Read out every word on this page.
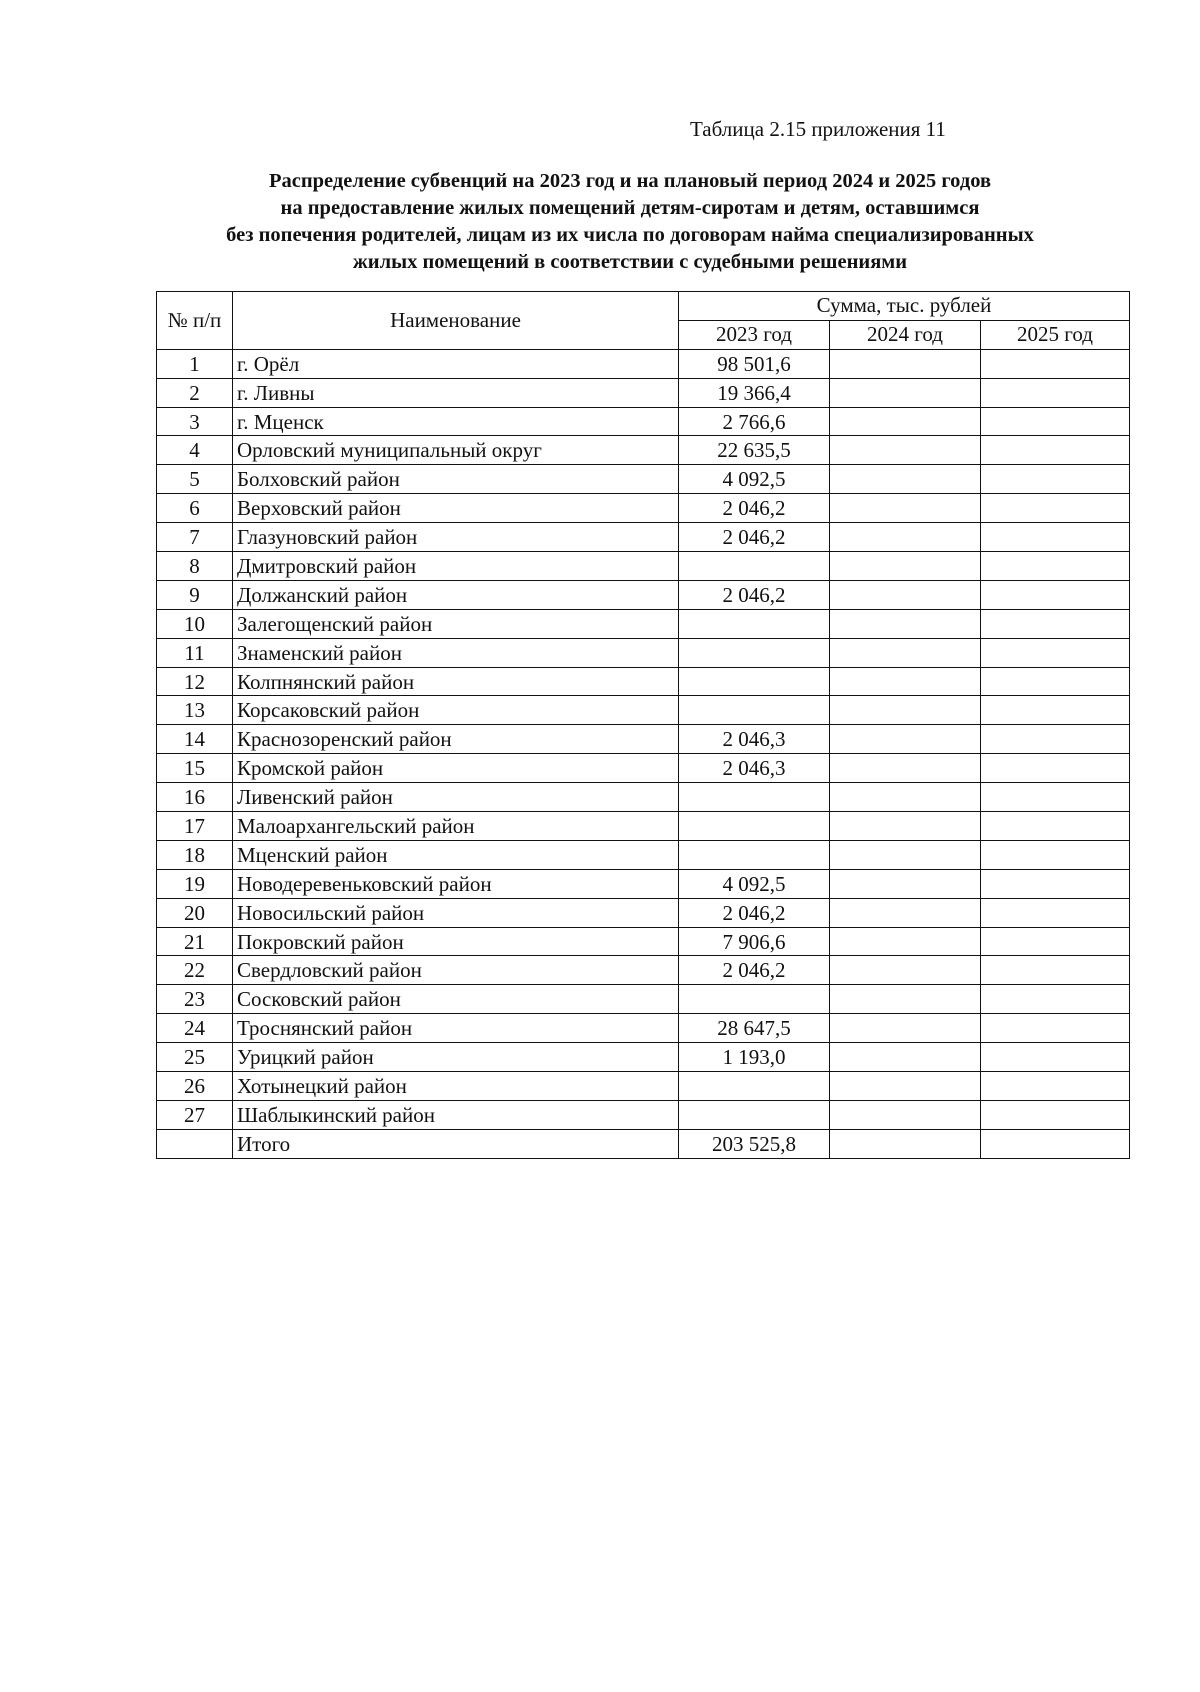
Таблица 2.15 приложения 11
Распределение субвенций на 2023 год и на плановый период 2024 и 2025 годов
на предоставление жилых помещений детям-сиротам и детям, оставшимся
без попечения родителей, лицам из их числа по договорам найма специализированных
жилых помещений в соответствии с судебными решениями
№ п/п	Наименование	Сумма, тыс. рублей		
		2023 год	2024 год	2025 год
1	г. Орёл	98 501,6		
2	г. Ливны	19 366,4		
3	г. Мценск	2 766,6		
4	Орловский муниципальный округ	22 635,5		
5	Болховский район	4 092,5		
6	Верховский район	2 046,2		
7	Глазуновский район	2 046,2		
8	Дмитровский район			
9	Должанский район	2 046,2		
10	Залегощенский район			
11	Знаменский район			
12	Колпнянский район			
13	Корсаковский район			
14	Краснозоренский район	2 046,3		
15	Кромской район	2 046,3		
16	Ливенский район			
17	Малоархангельский район			
18	Мценский район			
19	Новодеревеньковский район	4 092,5		
20	Новосильский район	2 046,2		
21	Покровский район	7 906,6		
22	Свердловский район	2 046,2		
23	Сосковский район			
24	Троснянский район	28 647,5		
25	Урицкий район	1 193,0		
26	Хотынецкий район			
27	Шаблыкинский район			
	Итого	203 525,8		
